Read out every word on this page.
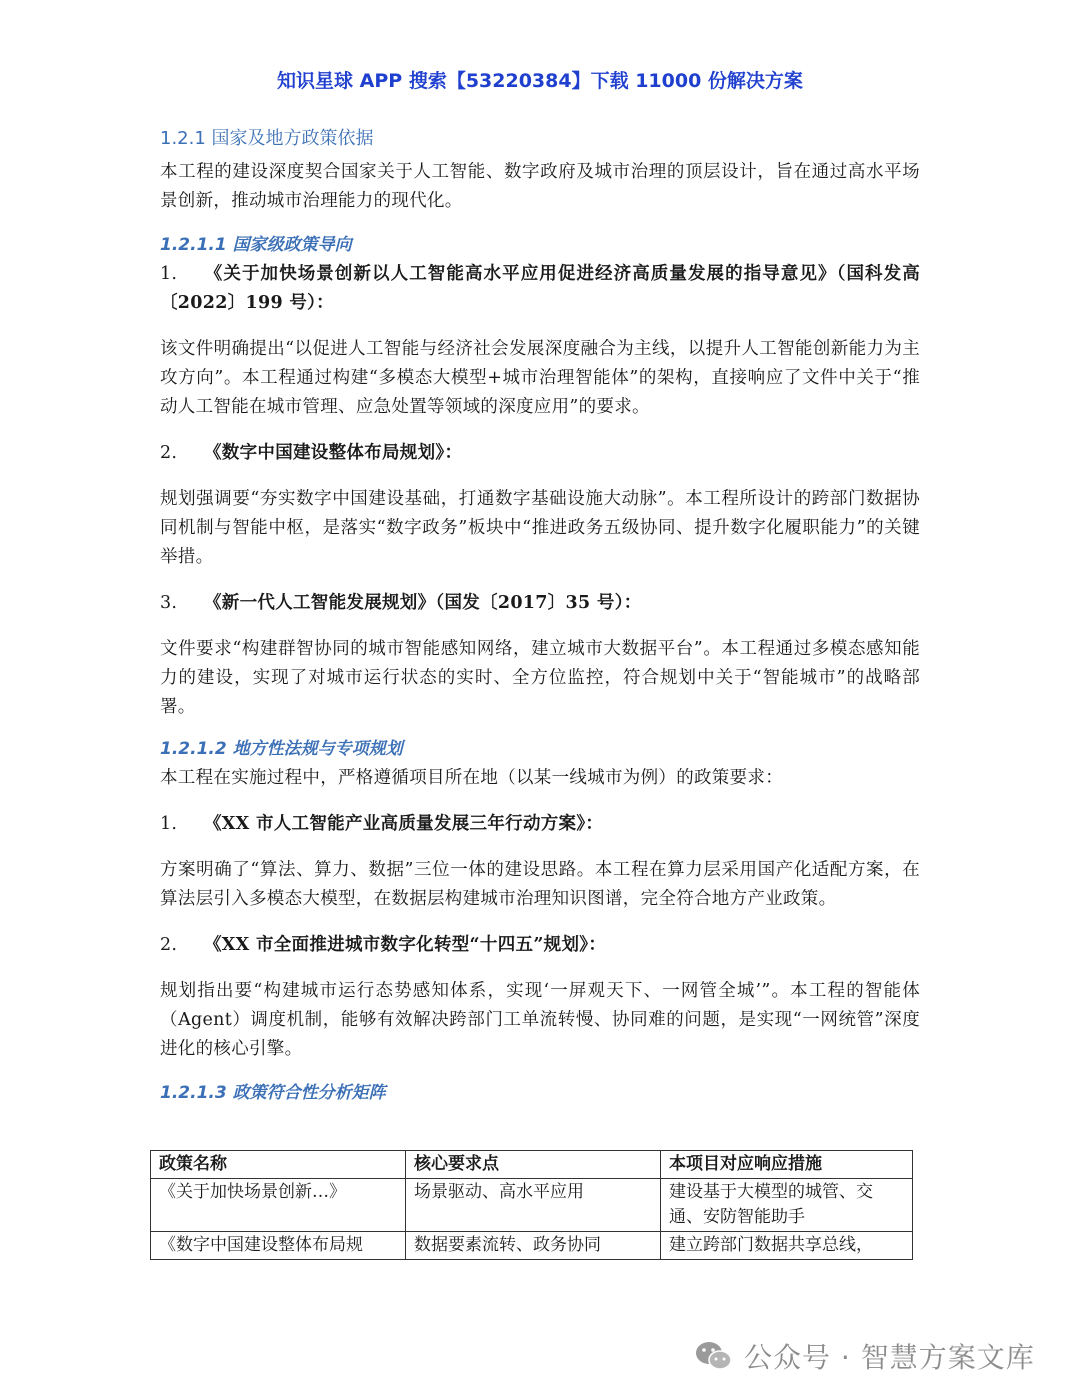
知识星球 APP 搜索【53220384】下载 11000 份解决方案
1.2.1 国家及地方政策依据

本工程的建设深度契合国家关于人工智能、数字政府及城市治理的顶层设计，旨在通过高水平场景创新，推动城市治理能力的现代化。

1.2.1.1 国家级政策导向

1. 《关于加快场景创新以人工智能高水平应用促进经济高质量发展的指导意见》（国科发高〔2022〕199 号）：

该文件明确提出“以促进人工智能与经济社会发展深度融合为主线，以提升人工智能创新能力为主攻方向”。本工程通过构建“多模态大模型+城市治理智能体”的架构，直接响应了文件中关于“推动人工智能在城市管理、应急处置等领域的深度应用”的要求。

2. 《数字中国建设整体布局规划》：

规划强调要“夯实数字中国建设基础，打通数字基础设施大动脉”。本工程所设计的跨部门数据协同机制与智能中枢，是落实“数字政务”板块中“推进政务五级协同、提升数字化履职能力”的关键举措。

3. 《新一代人工智能发展规划》（国发〔2017〕35 号）：

文件要求“构建群智协同的城市智能感知网络，建立城市大数据平台”。本工程通过多模态感知能力的建设，实现了对城市运行状态的实时、全方位监控，符合规划中关于“智能城市”的战略部署。

1.2.1.2 地方性法规与专项规划

本工程在实施过程中，严格遵循项目所在地（以某一线城市为例）的政策要求：

1. 《XX 市人工智能产业高质量发展三年行动方案》：

方案明确了“算法、算力、数据”三位一体的建设思路。本工程在算力层采用国产化适配方案，在算法层引入多模态大模型，在数据层构建城市治理知识图谱，完全符合地方产业政策。

2. 《XX 市全面推进城市数字化转型“十四五”规划》：

规划指出要“构建城市运行态势感知体系，实现‘一屏观天下、一网管全城’”。本工程的智能体（Agent）调度机制，能够有效解决跨部门工单流转慢、协同难的问题，是实现“一网统管”深度进化的核心引擎。

1.2.1.3 政策符合性分析矩阵
政策名称	核心要求点	本项目对应响应措施
《关于加快场景创新…》	场景驱动、高水平应用	建设基于大模型的城管、交通、安防智能助手
《数字中国建设整体布局规	数据要素流转、政务协同	建立跨部门数据共享总线，
公众号 · 智慧方案文库
